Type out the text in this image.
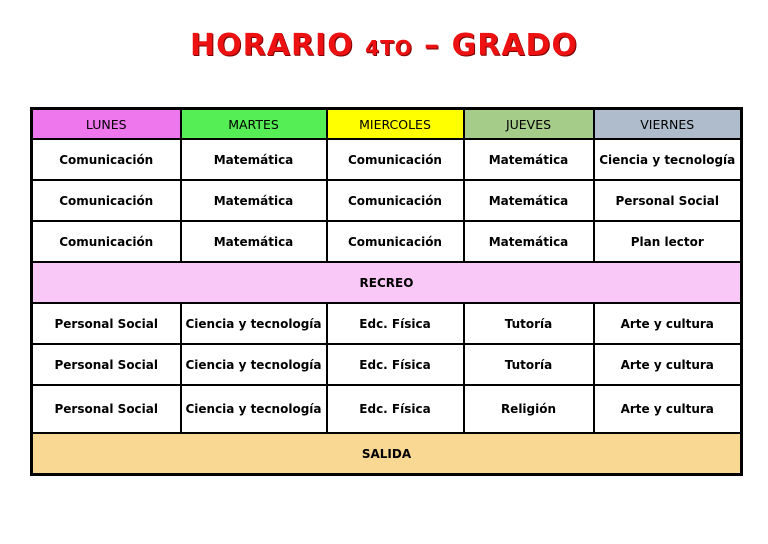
HORARIO 4TO – GRADO
LUNES	MARTES	MIERCOLES	JUEVES	VIERNES
Comunicación	Matemática	Comunicación	Matemática	Ciencia y tecnología
Comunicación	Matemática	Comunicación	Matemática	Personal Social
Comunicación	Matemática	Comunicación	Matemática	Plan lector
RECREO				
Personal Social	Ciencia y tecnología	Edc. Física	Tutoría	Arte y cultura
Personal Social	Ciencia y tecnología	Edc. Física	Tutoría	Arte y cultura
Personal Social	Ciencia y tecnología	Edc. Física	Religión	Arte y cultura
SALIDA				
